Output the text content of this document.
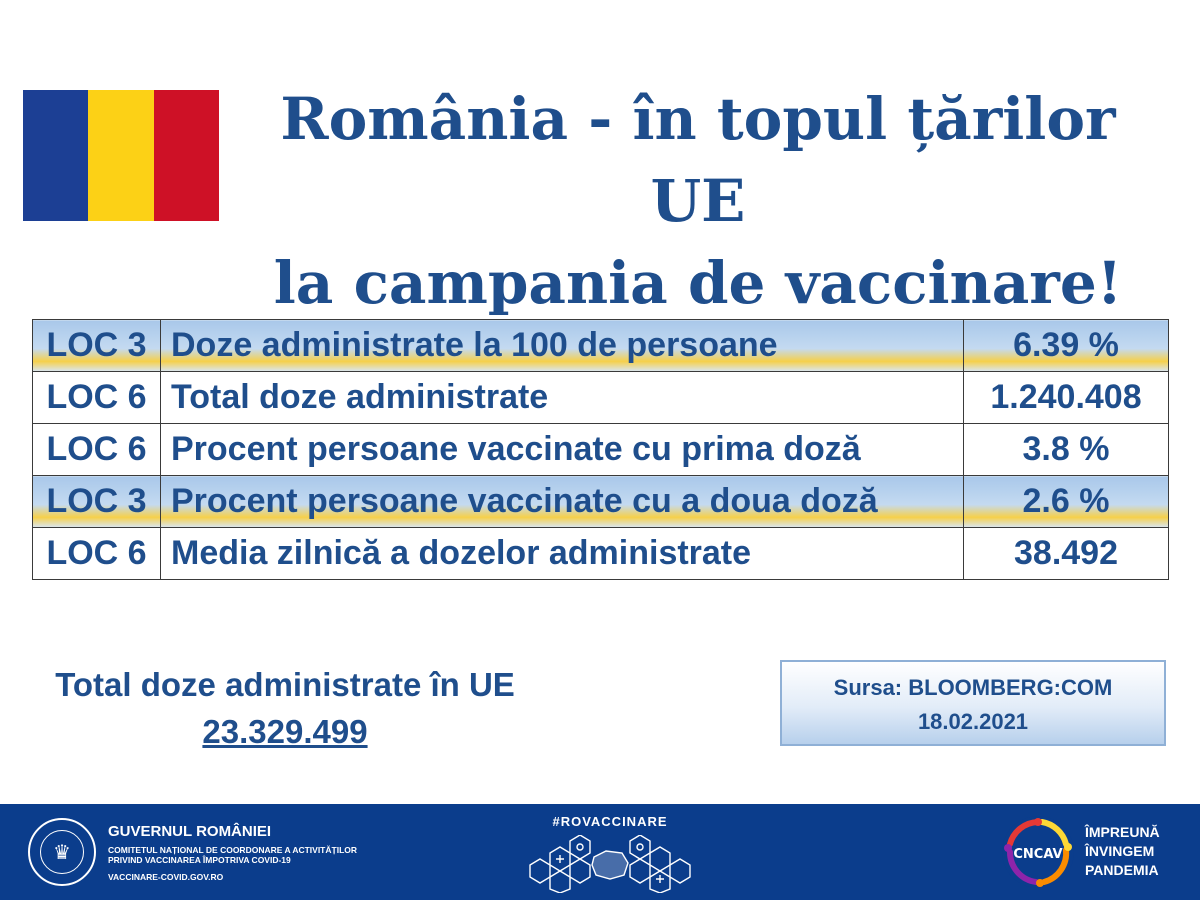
România - în topul țărilor UE
la campania de vaccinare!
LOC 3	Doze administrate la 100 de persoane	6.39 %
LOC 6	Total doze administrate	1.240.408
LOC 6	Procent persoane vaccinate cu prima doză	3.8 %
LOC 3	Procent persoane vaccinate cu a doua doză	2.6 %
LOC 6	Media zilnică a dozelor administrate	38.492
Total doze administrate în UE
23.329.499
Sursa: BLOOMBERG:COM
18.02.2021
♛
GUVERNUL ROMÂNIEI
COMITETUL NAȚIONAL DE COORDONARE A ACTIVITĂȚILOR PRIVIND VACCINAREA ÎMPOTRIVA COVID-19
VACCINARE-COVID.GOV.RO
#ROVACCINARE
CNCAV
ÎMPREUNĂ
ÎNVINGEM
PANDEMIA
